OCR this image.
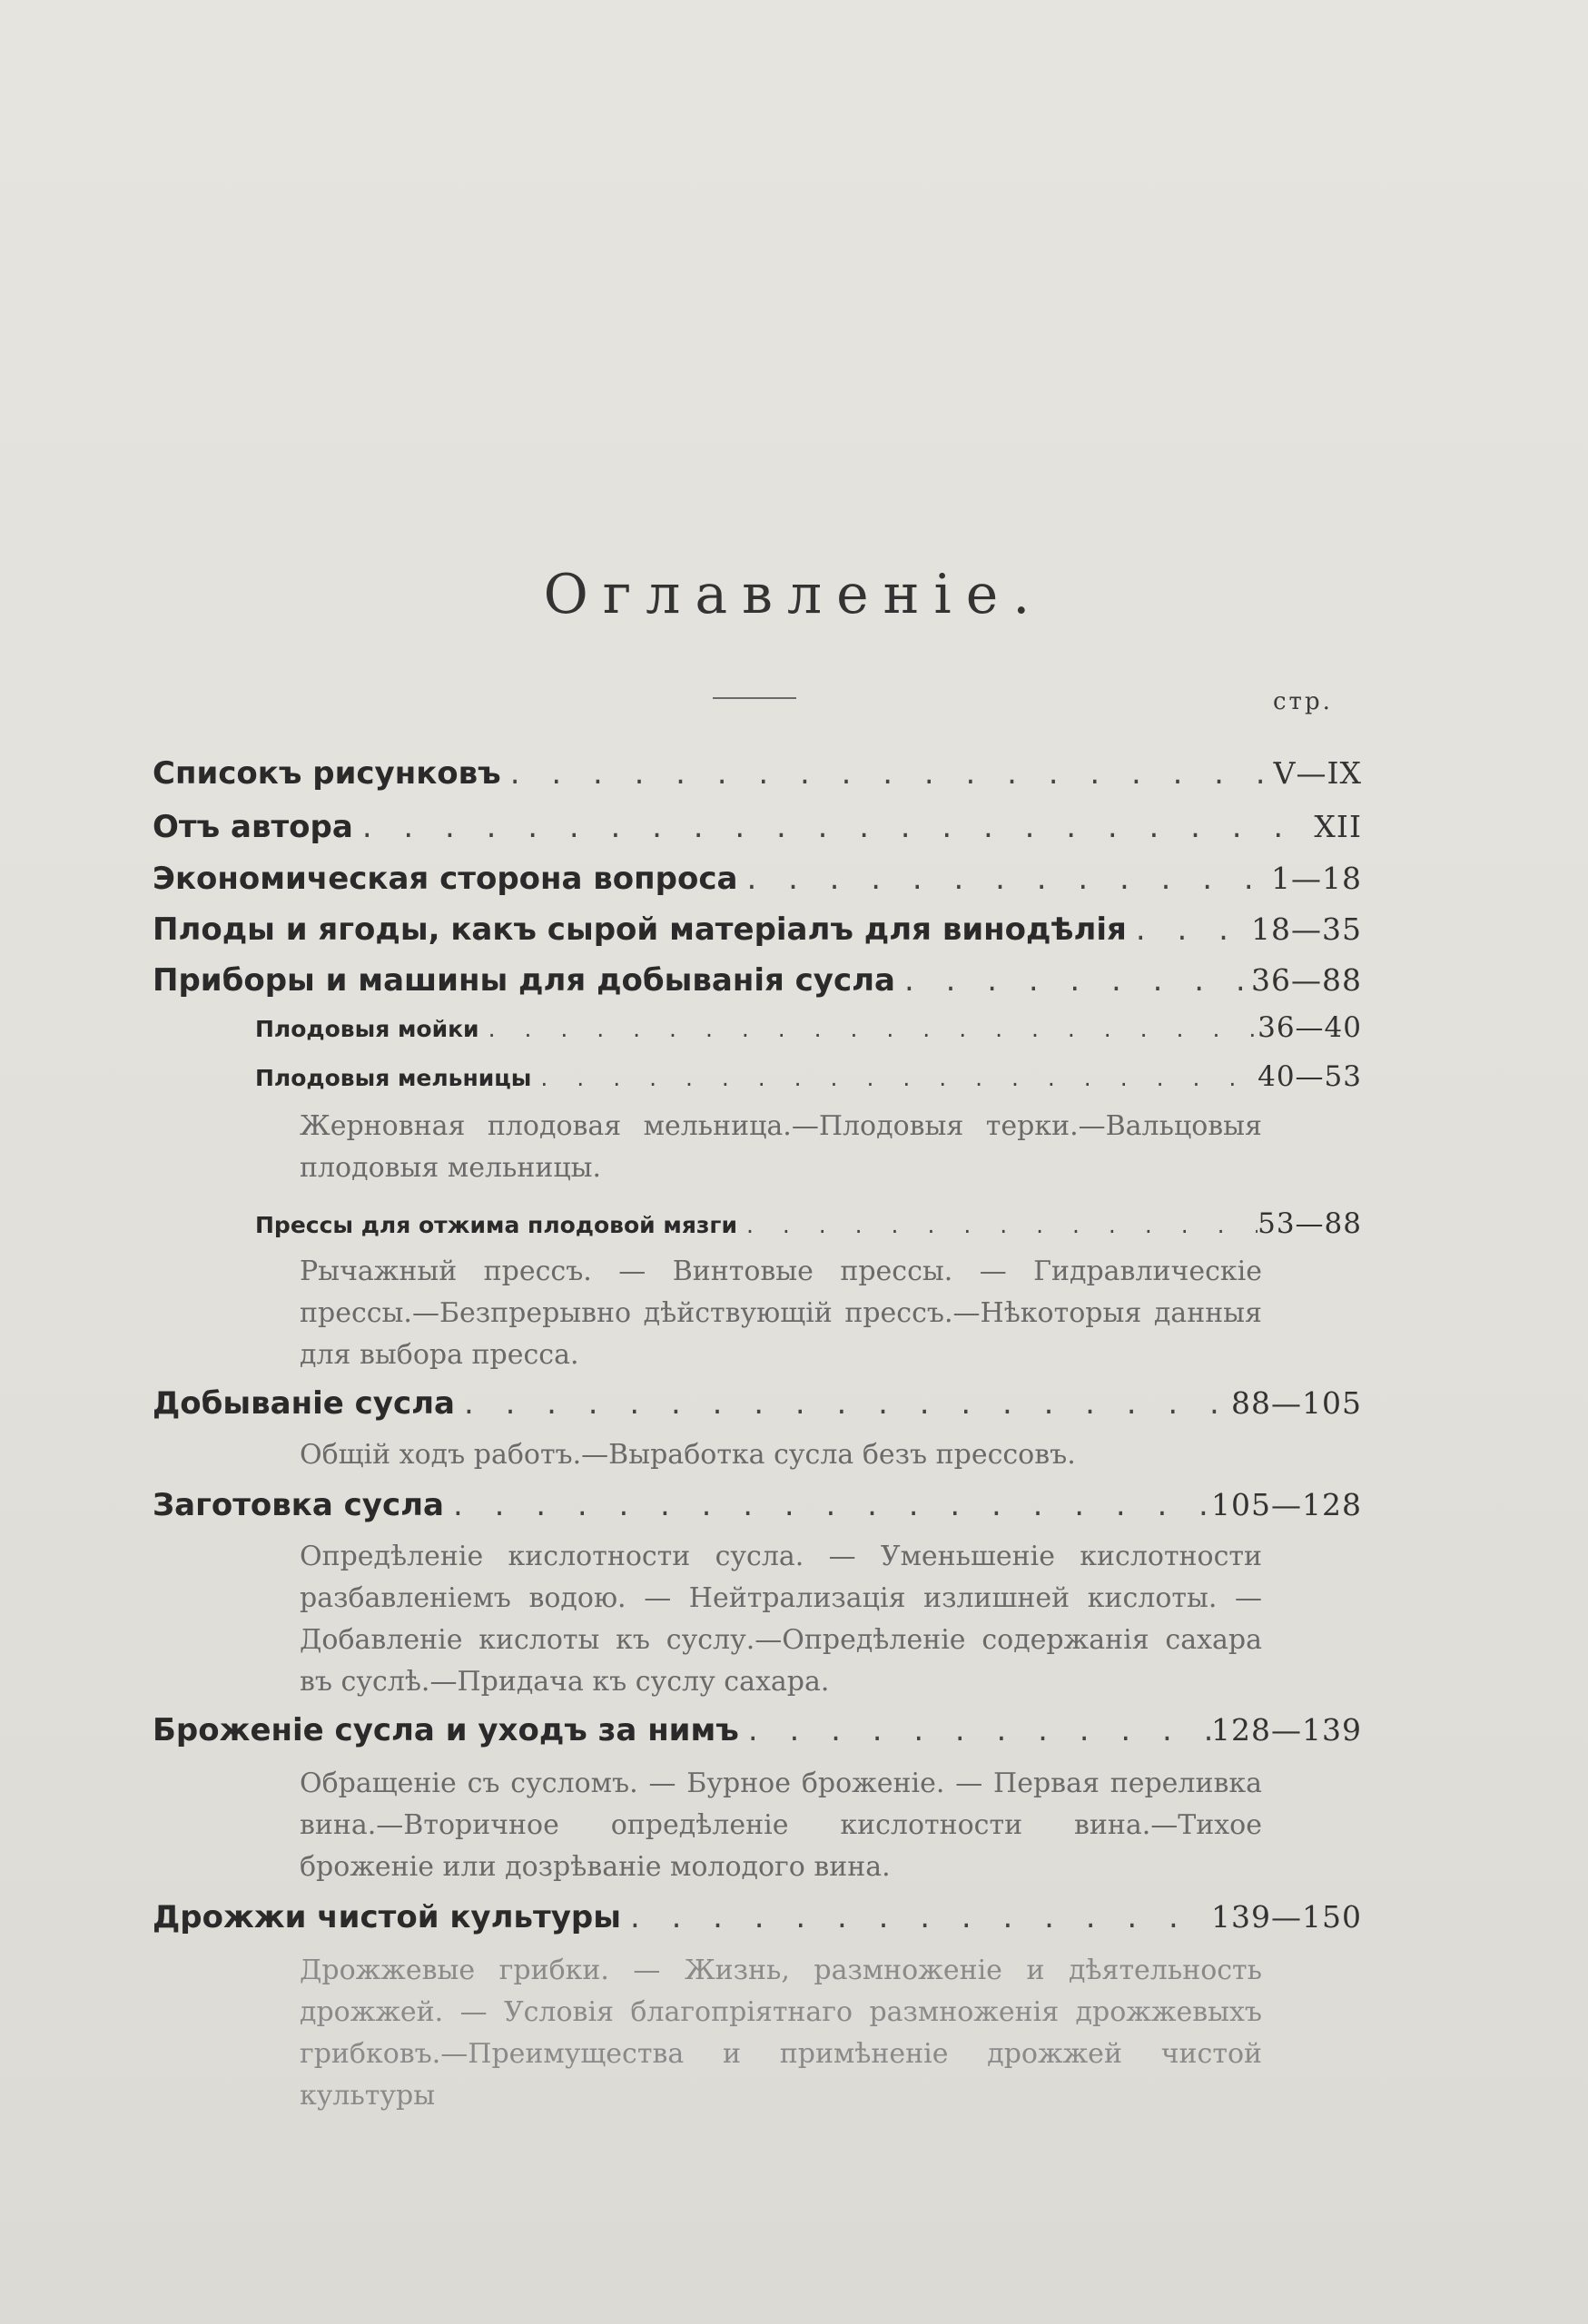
Оглавленіе.
стр.
Списокъ рисунковъ . . .	V—IX
Отъ автора . . .	XII
Экономическая сторона вопроса . . .	1—18
Плоды и ягоды, какъ сырой матеріалъ для винодѣлія . . .	18—35
Приборы и машины для добыванія сусла . . .	36—88
Плодовыя мойки . . .	36—40
Плодовыя мельницы . . .	40—53
Жерновная плодовая мельница.—Плодовыя терки.—Вальцовыя плодовыя мельницы.
Прессы для отжима плодовой мязги . . .	53—88
Рычажный прессъ. — Винтовые прессы. — Гидравлическіе прессы.—Безпрерывно дѣйствующій прессъ.—Нѣкоторыя данныя для выбора пресса.
Добываніе сусла . . .	88—105
Общій ходъ работъ.—Выработка сусла безъ прессовъ.
Заготовка сусла . . .	105—128
Опредѣленіе кислотности сусла. — Уменьшеніе кислотности разбавленіемъ водою. — Нейтрализація излишней кислоты. — Добавленіе кислоты къ суслу.—Опредѣленіе содержанія сахара въ суслѣ.—Придача къ суслу сахара.
Броженіе сусла и уходъ за нимъ . . .	128—139
Обращеніе съ сусломъ. — Бурное броженіе. — Первая переливка вина.—Вторичное опредѣленіе кислотности вина.—Тихое броженіе или дозрѣваніе молодого вина.
Дрожжи чистой культуры . . .	139—150
Дрожжевые грибки. — Жизнь, размноженіе и дѣятельность дрожжей. — Условія благопріятнаго размноженія дрожжевыхъ грибковъ.—Преимущества и примѣненіе дрожжей чистой культуры
